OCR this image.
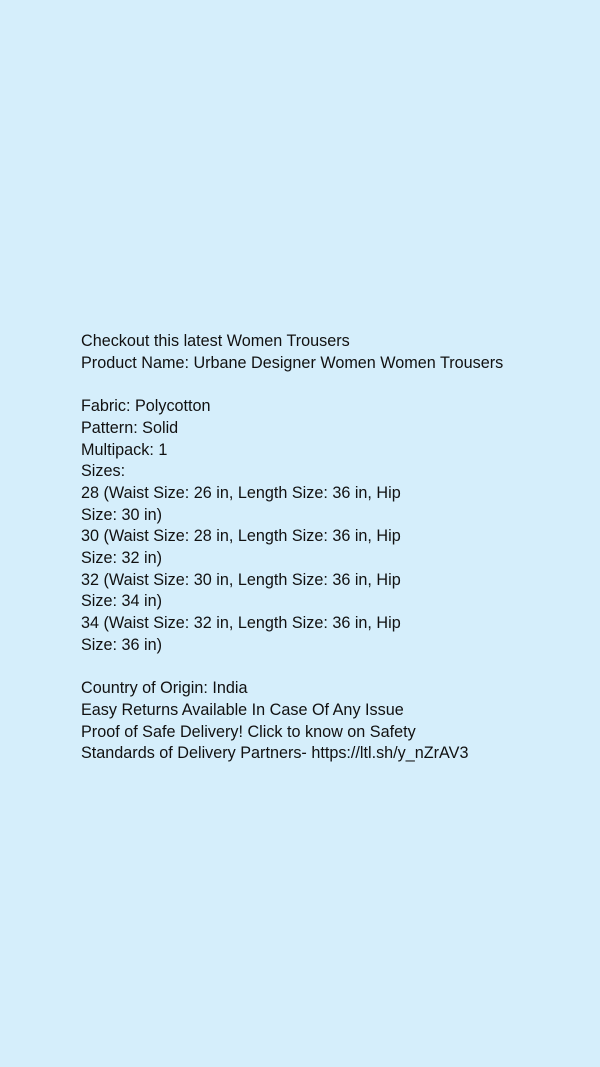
Checkout this latest Women Trousers
Product Name: Urbane Designer Women Women Trousers
Fabric: Polycotton
Pattern: Solid
Multipack: 1
Sizes:
28 (Waist Size: 26 in, Length Size: 36 in, Hip
Size: 30 in)
30 (Waist Size: 28 in, Length Size: 36 in, Hip
Size: 32 in)
32 (Waist Size: 30 in, Length Size: 36 in, Hip
Size: 34 in)
34 (Waist Size: 32 in, Length Size: 36 in, Hip
Size: 36 in)
Country of Origin: India
Easy Returns Available In Case Of Any Issue
Proof of Safe Delivery! Click to know on Safety
Standards of Delivery Partners- https://ltl.sh/y_nZrAV3
